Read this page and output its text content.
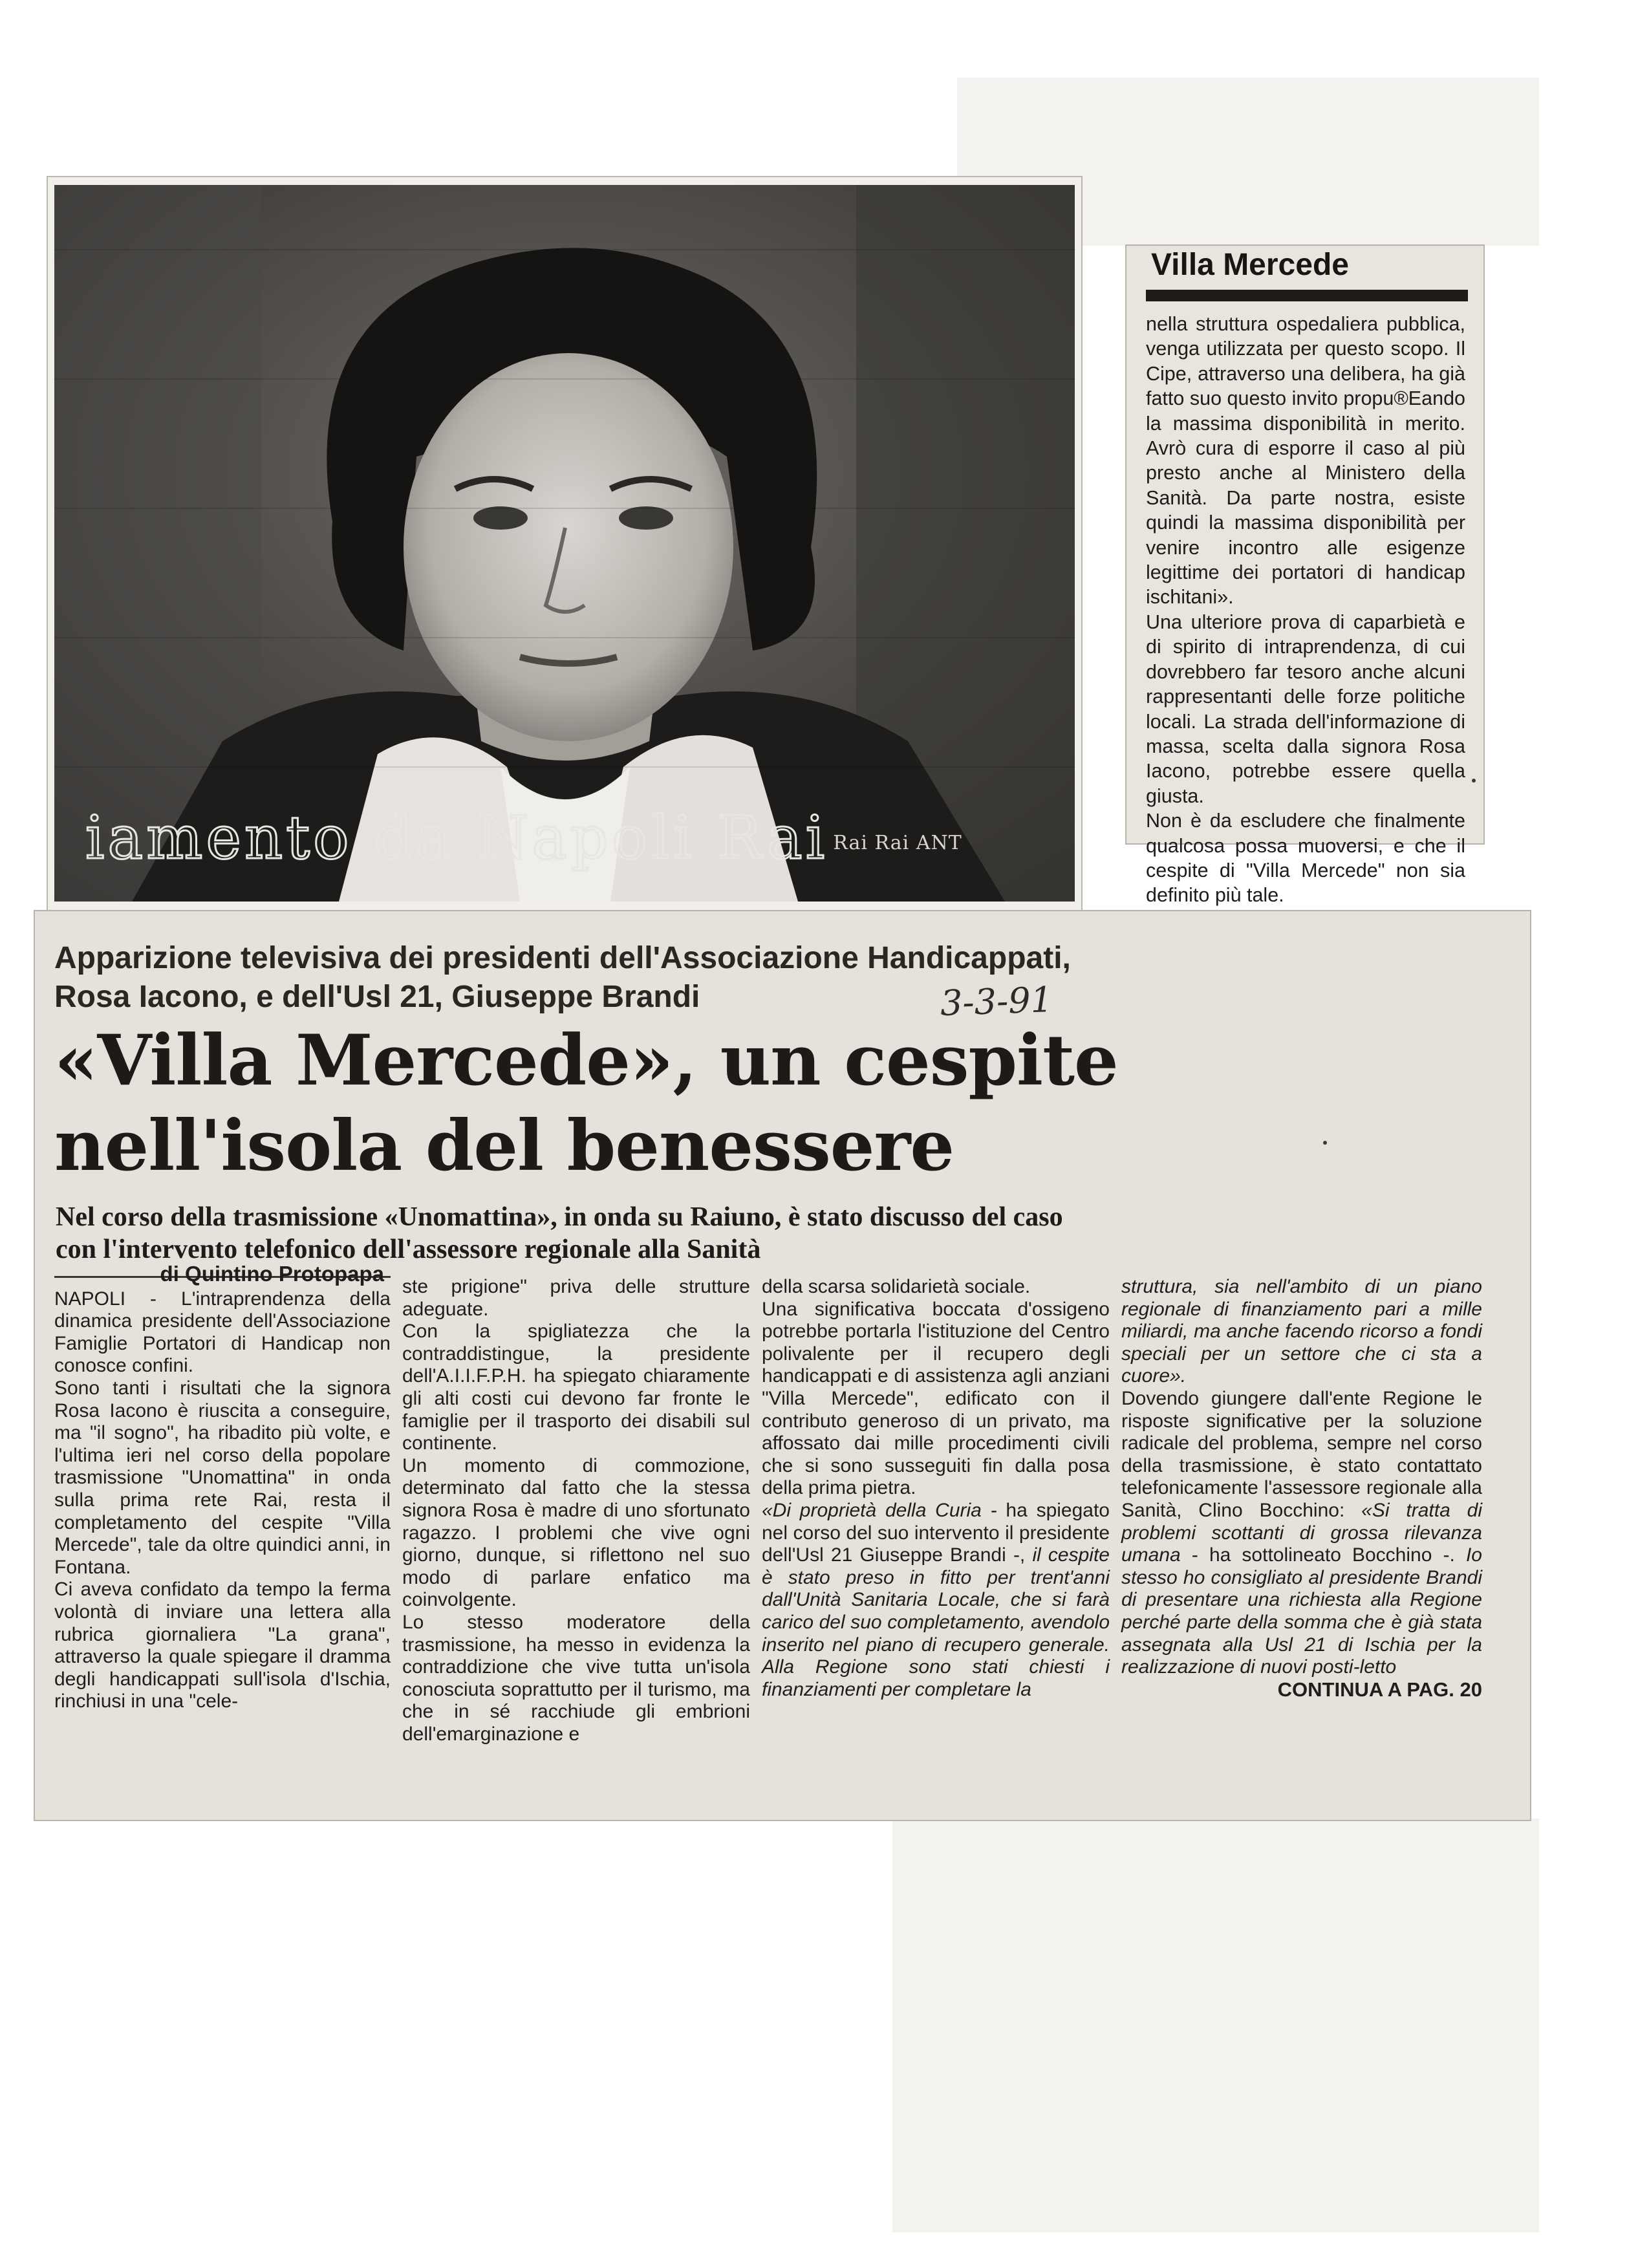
iamento da Napoli Rai Rai Rai ANT
Villa Mercede
nella struttura ospedaliera pubblica, venga utilizzata per questo scopo. Il Cipe, attraverso una delibera, ha già fatto suo questo invito propu®Eando la massima disponibilità in merito. Avrò cura di esporre il caso al più presto anche al Ministero della Sanità. Da parte nostra, esiste quindi la massima disponibilità per venire incontro alle esigenze legittime dei portatori di handicap ischitani».
Una ulteriore prova di caparbietà e di spirito di intraprendenza, di cui dovrebbero far tesoro anche alcuni rappresentanti delle forze politiche locali. La strada dell'informazione di massa, scelta dalla signora Rosa Iacono, potrebbe essere quella giusta.
Non è da escludere che finalmente qualcosa possa muoversi, e che il cespite di "Villa Mercede" non sia definito più tale.
Apparizione televisiva dei presidenti dell'Associazione Handicappati,
Rosa Iacono, e dell'Usl 21, Giuseppe Brandi	3-3-91
«Villa Mercede», un cespite
nell'isola del benessere
Nel corso della trasmissione «Unomattina», in onda su Raiuno, è stato discusso del caso
con l'intervento telefonico dell'assessore regionale alla Sanità
di Quintino Protopapa

NAPOLI - L'intraprendenza della dinamica presidente dell'Associazione Famiglie Portatori di Handicap non conosce confini.

Sono tanti i risultati che la signora Rosa Iacono è riuscita a conseguire, ma "il sogno", ha ribadito più volte, e l'ultima ieri nel corso della popolare trasmissione "Unomattina" in onda sulla prima rete Rai, resta il completamento del cespite "Villa Mercede", tale da oltre quindici anni, in Fontana.

Ci aveva confidato da tempo la ferma volontà di inviare una lettera alla rubrica giornaliera "La grana", attraverso la quale spiegare il dramma degli handicappati sull'isola d'Ischia, rinchiusi in una "cele-

ste prigione" priva delle strutture adeguate.

Con la spigliatezza che la contraddistingue, la presidente dell'A.I.I.F.P.H. ha spiegato chiaramente gli alti costi cui devono far fronte le famiglie per il trasporto dei disabili sul continente.

Un momento di commozione, determinato dal fatto che la stessa signora Rosa è madre di uno sfortunato ragazzo. I problemi che vive ogni giorno, dunque, si riflettono nel suo modo di parlare enfatico ma coinvolgente.

Lo stesso moderatore della trasmissione, ha messo in evidenza la contraddizione che vive tutta un'isola conosciuta soprattutto per il turismo, ma che in sé racchiude gli embrioni dell'emarginazione e

della scarsa solidarietà sociale.

Una significativa boccata d'ossigeno potrebbe portarla l'istituzione del Centro polivalente per il recupero degli handicappati e di assistenza agli anziani "Villa Mercede", edificato con il contributo generoso di un privato, ma affossato dai mille procedimenti civili che si sono susseguiti fin dalla posa della prima pietra.

«Di proprietà della Curia - ha spiegato nel corso del suo intervento il presidente dell'Usl 21 Giuseppe Brandi -, il cespite è stato preso in fitto per trent'anni dall'Unità Sanitaria Locale, che si farà carico del suo completamento, avendolo inserito nel piano di recupero generale. Alla Regione sono stati chiesti i finanziamenti per completare la

struttura, sia nell'ambito di un piano regionale di finanziamento pari a mille miliardi, ma anche facendo ricorso a fondi speciali per un settore che ci sta a cuore».

Dovendo giungere dall'ente Regione le risposte significative per la soluzione radicale del problema, sempre nel corso della trasmissione, è stato contattato telefonicamente l'assessore regionale alla Sanità, Clino Bocchino: «Si tratta di problemi scottanti di grossa rilevanza umana - ha sottolineato Bocchino -. Io stesso ho consigliato al presidente Brandi di presentare una richiesta alla Regione perché parte della somma che è già stata assegnata alla Usl 21 di Ischia per la realizzazione di nuovi posti-letto

CONTINUA A PAG. 20
